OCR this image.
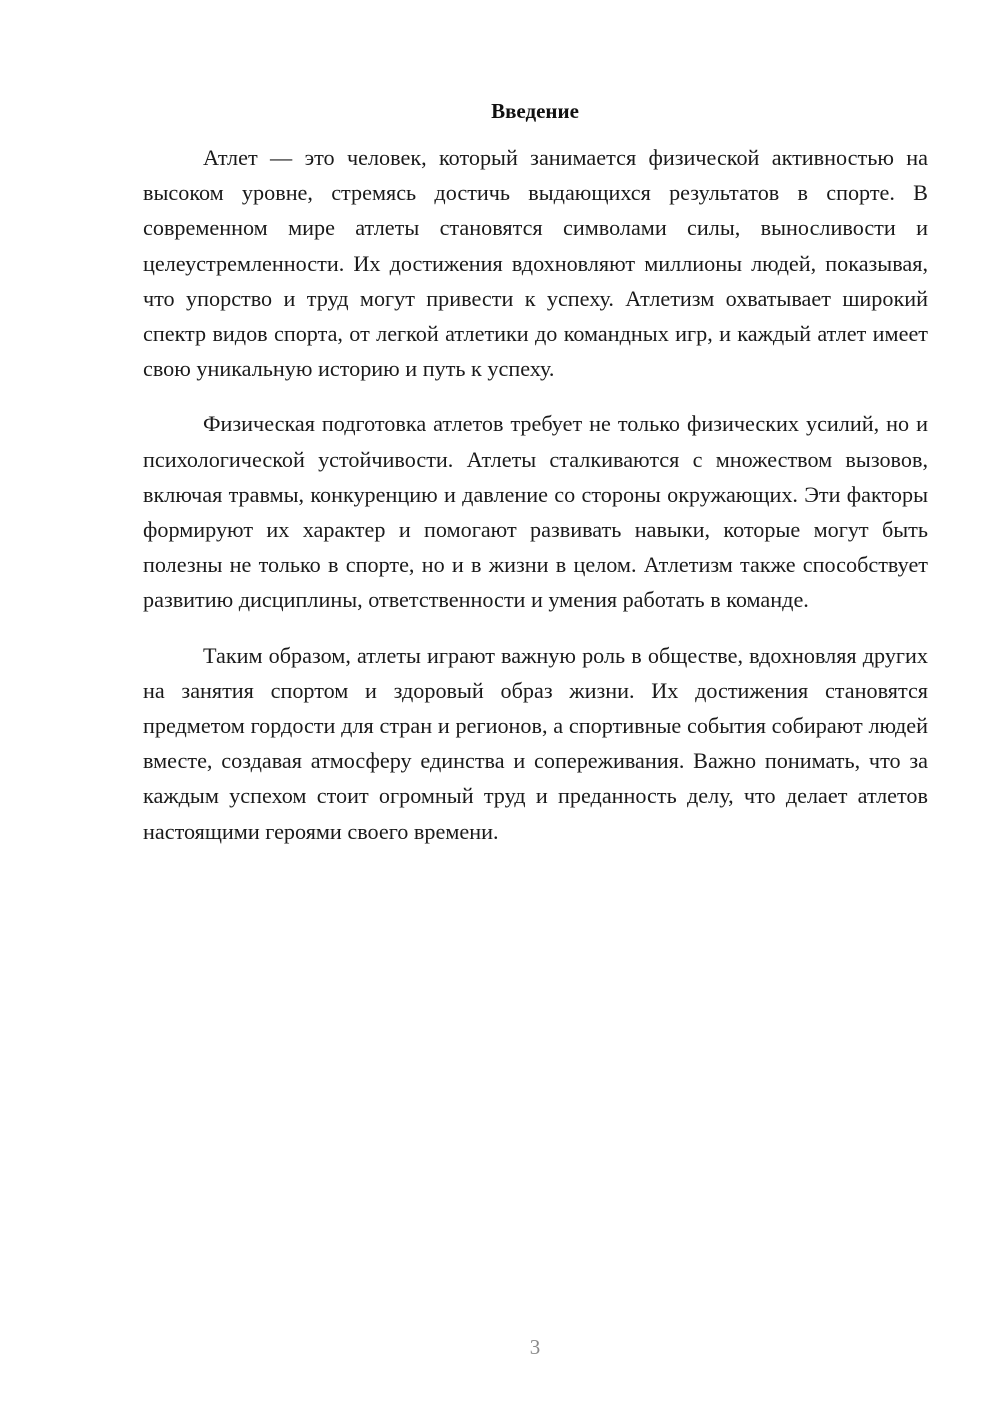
Введение

Атлет — это человек, который занимается физической активностью на высоком уровне, стремясь достичь выдающихся результатов в спорте. В современном мире атлеты становятся символами силы, выносливости и целеустремленности. Их достижения вдохновляют миллионы людей, показывая, что упорство и труд могут привести к успеху. Атлетизм охватывает широкий спектр видов спорта, от легкой атлетики до командных игр, и каждый атлет имеет свою уникальную историю и путь к успеху.

Физическая подготовка атлетов требует не только физических усилий, но и психологической устойчивости. Атлеты сталкиваются с множеством вызовов, включая травмы, конкуренцию и давление со стороны окружающих. Эти факторы формируют их характер и помогают развивать навыки, которые могут быть полезны не только в спорте, но и в жизни в целом. Атлетизм также способствует развитию дисциплины, ответственности и умения работать в команде.

Таким образом, атлеты играют важную роль в обществе, вдохновляя других на занятия спортом и здоровый образ жизни. Их достижения становятся предметом гордости для стран и регионов, а спортивные события собирают людей вместе, создавая атмосферу единства и сопереживания. Важно понимать, что за каждым успехом стоит огромный труд и преданность делу, что делает атлетов настоящими героями своего времени.

3
